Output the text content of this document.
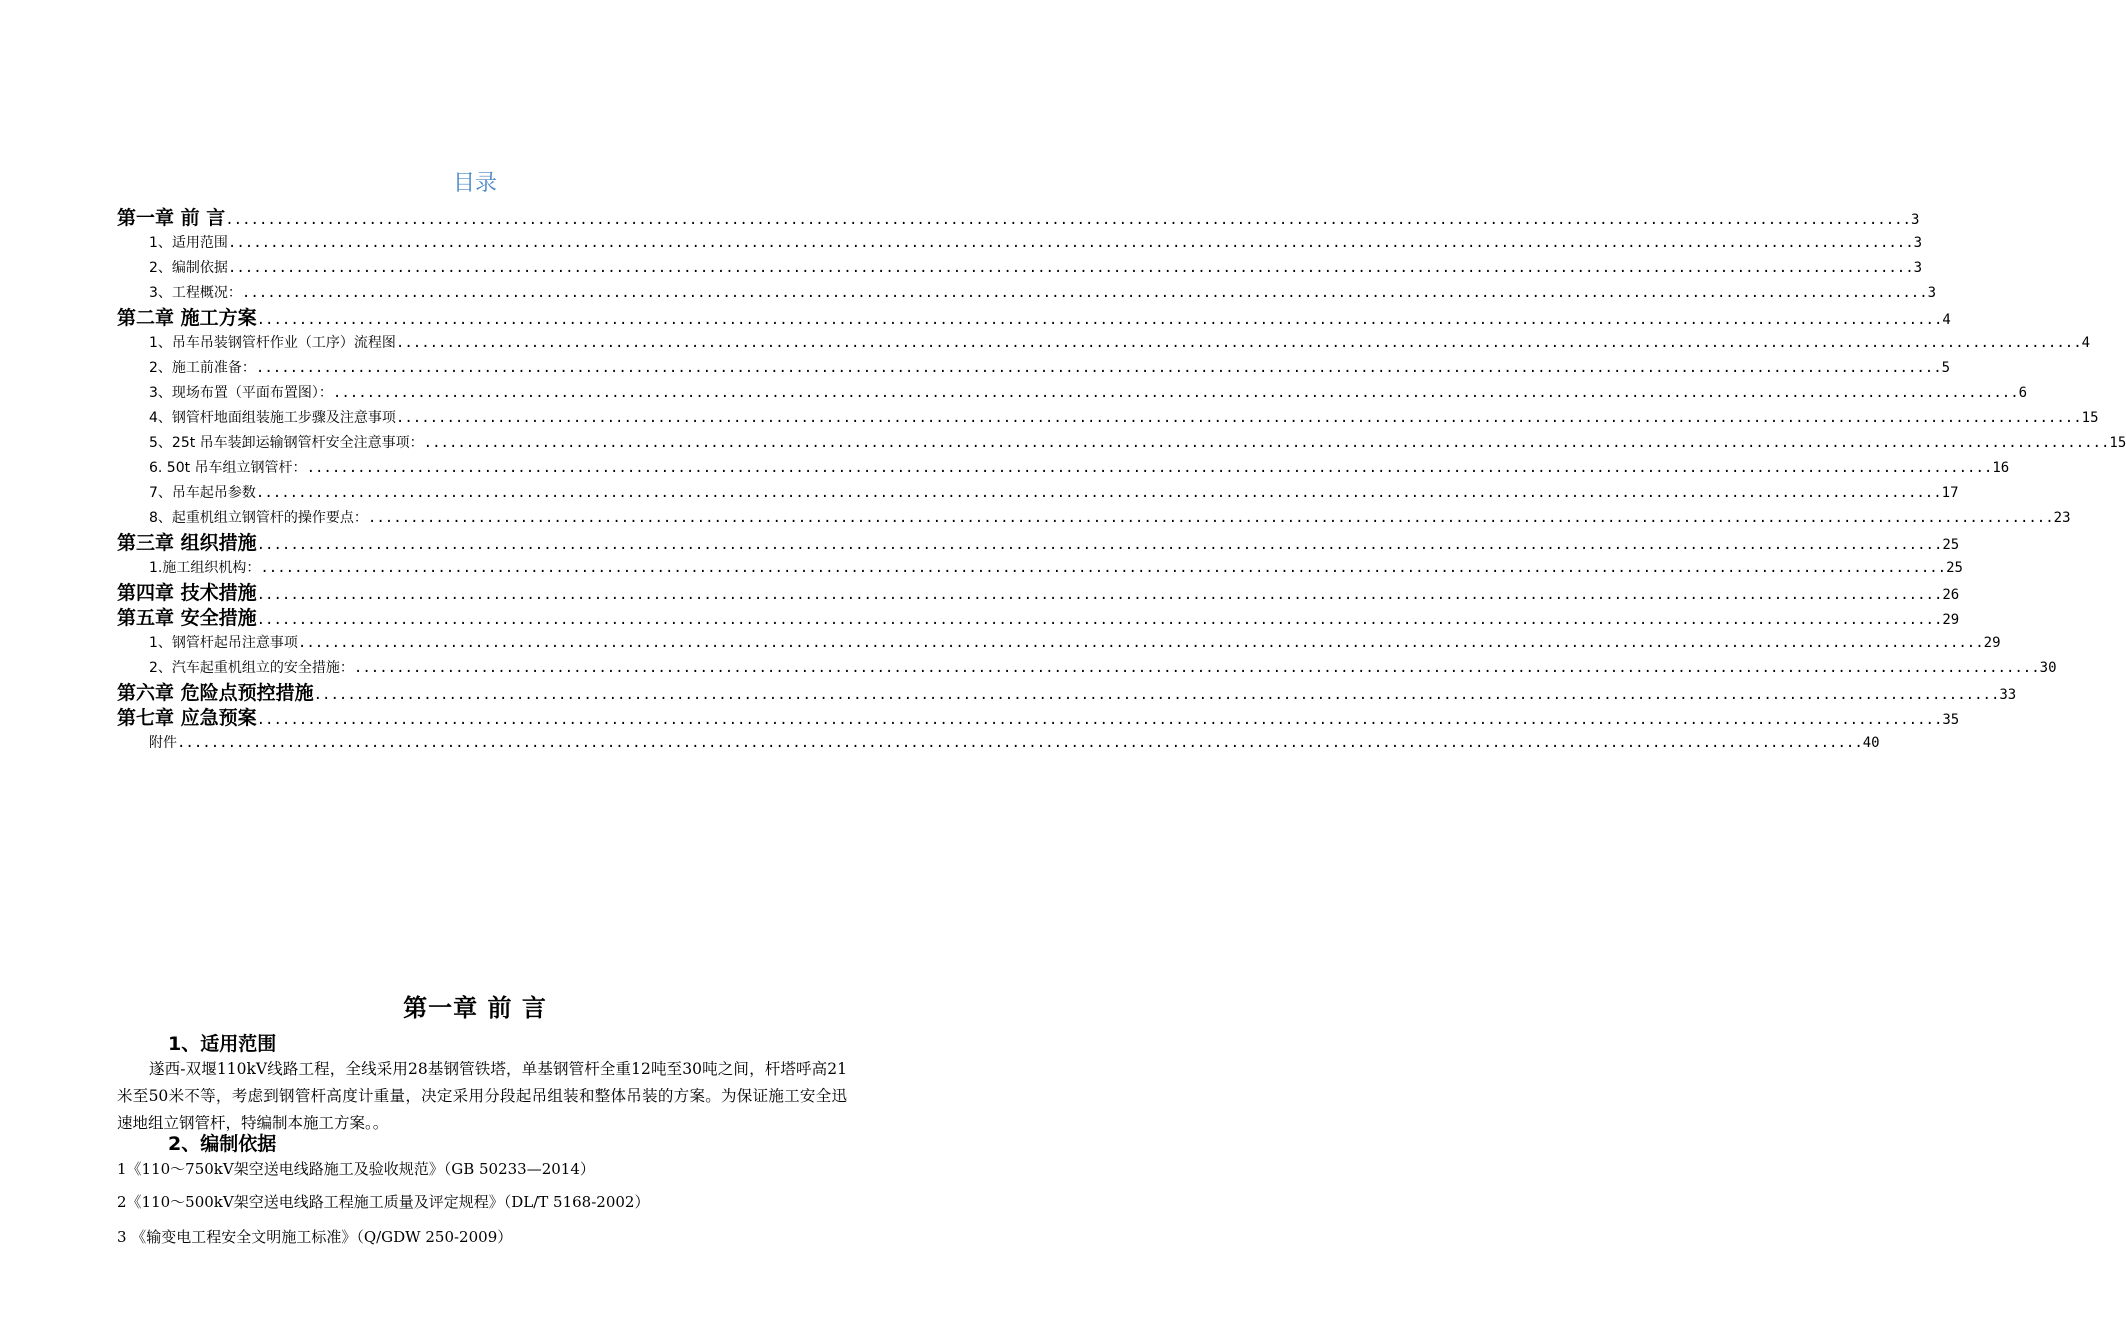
目录
第一章 前 言 ........................................................................................................................................................................................................ 3
1、适用范围 ........................................................................................................................................................................................................ 3
2、编制依据 ........................................................................................................................................................................................................ 3
3、工程概况： ........................................................................................................................................................................................................ 3
第二章 施工方案 ........................................................................................................................................................................................................ 4
1、吊车吊装钢管杆作业（工序）流程图 ........................................................................................................................................................................................................ 4
2、施工前准备： ........................................................................................................................................................................................................ 5
3、现场布置（平面布置图）： ........................................................................................................................................................................................................ 6
4、钢管杆地面组装施工步骤及注意事项 ........................................................................................................................................................................................................ 15
5、25t 吊车装卸运输钢管杆安全注意事项： ........................................................................................................................................................................................................ 15
6. 50t 吊车组立钢管杆： ........................................................................................................................................................................................................ 16
7、吊车起吊参数 ........................................................................................................................................................................................................ 17
8、起重机组立钢管杆的操作要点： ........................................................................................................................................................................................................ 23
第三章 组织措施 ........................................................................................................................................................................................................ 25
1.施工组织机构： ........................................................................................................................................................................................................ 25
第四章 技术措施 ........................................................................................................................................................................................................ 26
第五章 安全措施 ........................................................................................................................................................................................................ 29
1、钢管杆起吊注意事项 ........................................................................................................................................................................................................ 29
2、汽车起重机组立的安全措施： ........................................................................................................................................................................................................ 30
第六章 危险点预控措施 ........................................................................................................................................................................................................ 33
第七章 应急预案 ........................................................................................................................................................................................................ 35
附件 ........................................................................................................................................................................................................ 40
第一章 前 言
1、适用范围
遂西-双堰110kV线路工程，全线采用28基钢管铁塔，单基钢管杆全重12吨至30吨之间，杆塔呼高21米至50米不等，考虑到钢管杆高度计重量，决定采用分段起吊组装和整体吊装的方案。为保证施工安全迅速地组立钢管杆，特编制本施工方案。。
2、编制依据
1《110～750kV架空送电线路施工及验收规范》（GB 50233—2014）
2《110～500kV架空送电线路工程施工质量及评定规程》（DL/T 5168-2002）
3 《输变电工程安全文明施工标准》（Q/GDW 250-2009）
